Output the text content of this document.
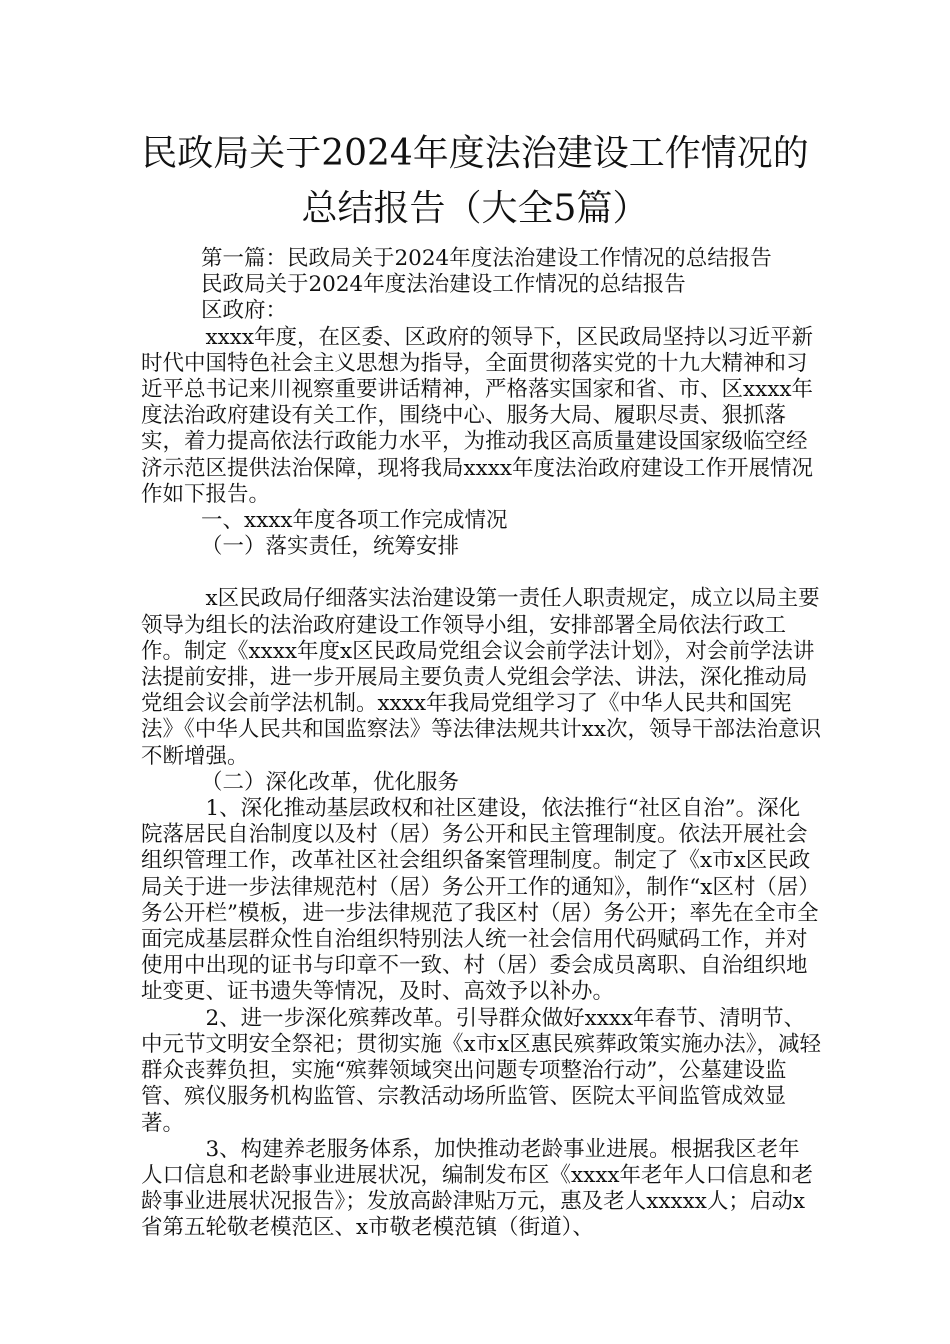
民政局关于2024年度法治建设工作情况的
总结报告（大全5篇）

第一篇：民政局关于2024年度法治建设工作情况的总结报告

民政局关于2024年度法治建设工作情况的总结报告

区政府：

xxxx年度，在区委、区政府的领导下，区民政局坚持以习近平新时代中国特色社会主义思想为指导，全面贯彻落实党的十九大精神和习近平总书记来川视察重要讲话精神，严格落实国家和省、市、区xxxx年度法治政府建设有关工作，围绕中心、服务大局、履职尽责、狠抓落实，着力提高依法行政能力水平，为推动我区高质量建设国家级临空经济示范区提供法治保障，现将我局xxxx年度法治政府建设工作开展情况作如下报告。

一、xxxx年度各项工作完成情况

（一）落实责任，统筹安排

x区民政局仔细落实法治建设第一责任人职责规定，成立以局主要领导为组长的法治政府建设工作领导小组，安排部署全局依法行政工作。制定《xxxx年度x区民政局党组会议会前学法计划》，对会前学法讲法提前安排，进一步开展局主要负责人党组会学法、讲法，深化推动局党组会议会前学法机制。xxxx年我局党组学习了《中华人民共和国宪法》《中华人民共和国监察法》等法律法规共计xx次，领导干部法治意识不断增强。

（二）深化改革，优化服务

1、深化推动基层政权和社区建设，依法推行“社区自治”。深化院落居民自治制度以及村（居）务公开和民主管理制度。依法开展社会组织管理工作，改革社区社会组织备案管理制度。制定了《x市x区民政局关于进一步法律规范村（居）务公开工作的通知》，制作“x区村（居）务公开栏”模板，进一步法律规范了我区村（居）务公开；率先在全市全面完成基层群众性自治组织特别法人统一社会信用代码赋码工作，并对使用中出现的证书与印章不一致、村（居）委会成员离职、自治组织地址变更、证书遗失等情况，及时、高效予以补办。

2、进一步深化殡葬改革。引导群众做好xxxx年春节、清明节、中元节文明安全祭祀；贯彻实施《x市x区惠民殡葬政策实施办法》，减轻群众丧葬负担，实施“殡葬领域突出问题专项整治行动”，公墓建设监管、殡仪服务机构监管、宗教活动场所监管、医院太平间监管成效显著。

3、构建养老服务体系，加快推动老龄事业进展。根据我区老年人口信息和老龄事业进展状况，编制发布区《xxxx年老年人口信息和老龄事业进展状况报告》；发放高龄津贴万元，惠及老人xxxxx人；启动x省第五轮敬老模范区、x市敬老模范镇（街道）、
